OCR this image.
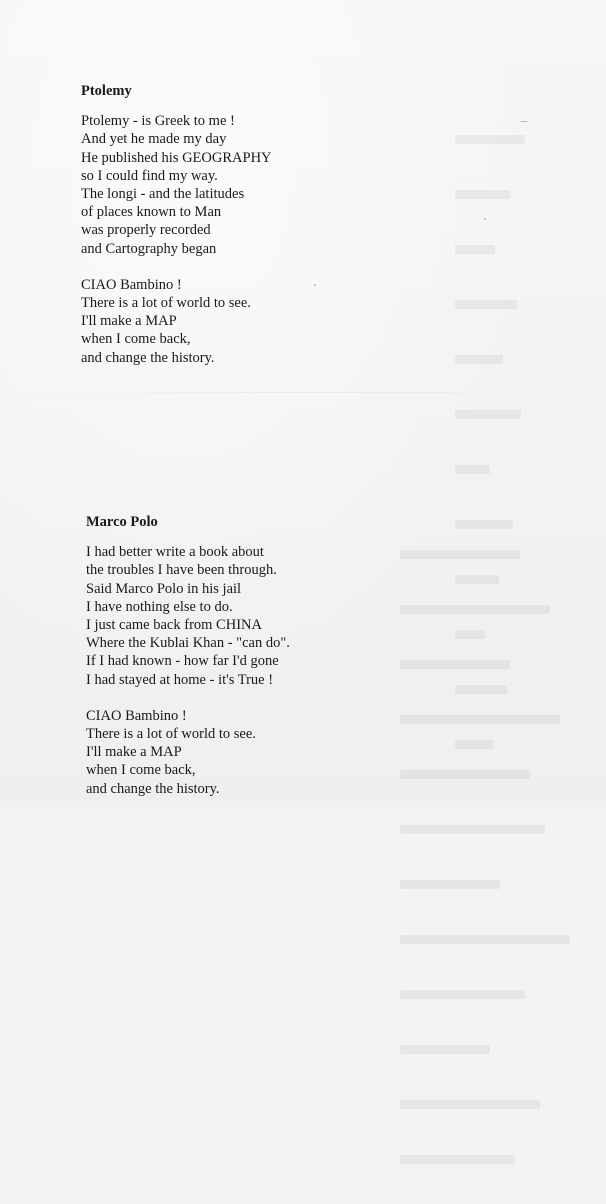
Ptolemy
Ptolemy - is Greek to me !
And yet he made my day
He published his GEOGRAPHY
so I could find my way.
The longi - and the latitudes
of places known to Man
was properly recorded
and Cartography began
CIAO Bambino !
There is a lot of world to see.
I'll make a MAP
when I come back,
and change the history.
Marco Polo
I had better write a book about
the troubles I have been through.
Said Marco Polo in his jail
I have nothing else to do.
I just came back from CHINA
Where the Kublai Khan - "can do".
If I had known - how far I'd gone
I had stayed at home - it's True !
CIAO Bambino !
There is a lot of world to see.
I'll make a MAP
when I come back,
and change the history.
